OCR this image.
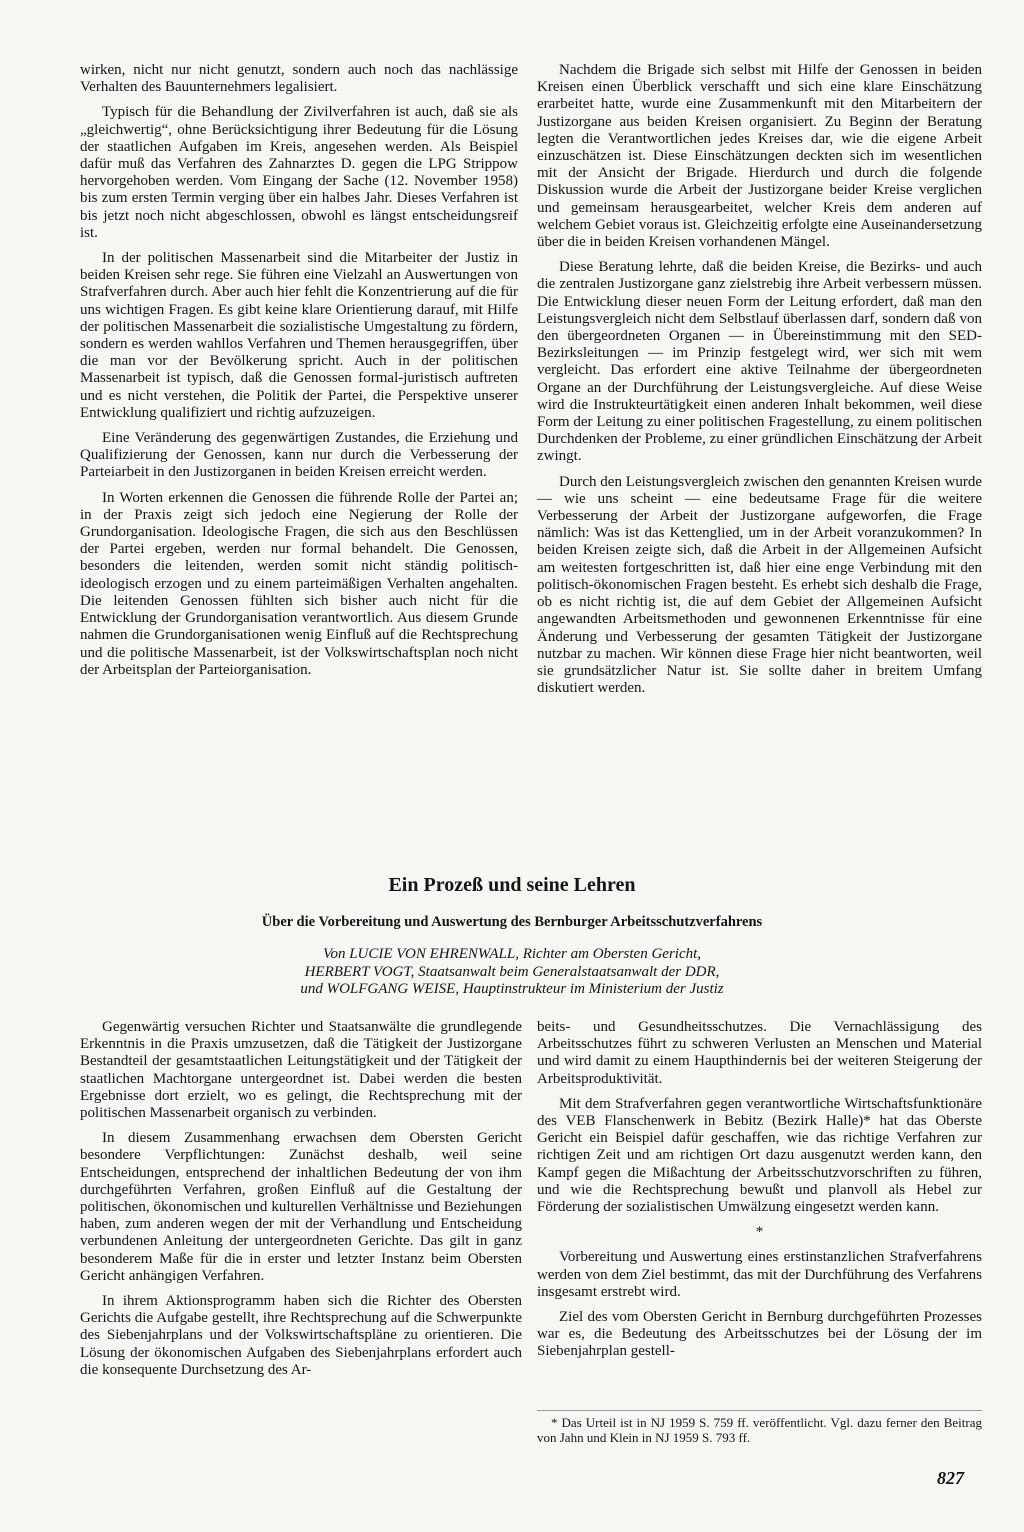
wirken, nicht nur nicht genutzt, sondern auch noch das nachlässige Verhalten des Bauunternehmers legalisiert.

Typisch für die Behandlung der Zivilverfahren ist auch, daß sie als „gleichwertig“, ohne Berücksichtigung ihrer Bedeutung für die Lösung der staatlichen Aufgaben im Kreis, angesehen werden. Als Beispiel dafür muß das Verfahren des Zahnarztes D. gegen die LPG Strippow hervorgehoben werden. Vom Eingang der Sache (12. November 1958) bis zum ersten Termin verging über ein halbes Jahr. Dieses Verfahren ist bis jetzt noch nicht abgeschlossen, obwohl es längst entscheidungsreif ist.

In der politischen Massenarbeit sind die Mitarbeiter der Justiz in beiden Kreisen sehr rege. Sie führen eine Vielzahl an Auswertungen von Strafverfahren durch. Aber auch hier fehlt die Konzentrierung auf die für uns wichtigen Fragen. Es gibt keine klare Orientierung darauf, mit Hilfe der politischen Massenarbeit die sozialistische Umgestaltung zu fördern, sondern es werden wahllos Verfahren und Themen herausgegriffen, über die man vor der Bevölkerung spricht. Auch in der politischen Massenarbeit ist typisch, daß die Genossen formal-juristisch auftreten und es nicht verstehen, die Politik der Partei, die Perspektive unserer Entwicklung qualifiziert und richtig aufzuzeigen.

Eine Veränderung des gegenwärtigen Zustandes, die Erziehung und Qualifizierung der Genossen, kann nur durch die Verbesserung der Parteiarbeit in den Justizorganen in beiden Kreisen erreicht werden.

In Worten erkennen die Genossen die führende Rolle der Partei an; in der Praxis zeigt sich jedoch eine Negierung der Rolle der Grundorganisation. Ideologische Fragen, die sich aus den Beschlüssen der Partei ergeben, werden nur formal behandelt. Die Genossen, besonders die leitenden, werden somit nicht ständig politisch-ideologisch erzogen und zu einem parteimäßigen Verhalten angehalten. Die leitenden Genossen fühlten sich bisher auch nicht für die Entwicklung der Grundorganisation verantwortlich. Aus diesem Grunde nahmen die Grundorganisationen wenig Einfluß auf die Rechtsprechung und die politische Massenarbeit, ist der Volkswirtschaftsplan noch nicht der Arbeitsplan der Parteiorganisation.

Nachdem die Brigade sich selbst mit Hilfe der Genossen in beiden Kreisen einen Überblick verschafft und sich eine klare Einschätzung erarbeitet hatte, wurde eine Zusammenkunft mit den Mitarbeitern der Justizorgane aus beiden Kreisen organisiert. Zu Beginn der Beratung legten die Verantwortlichen jedes Kreises dar, wie die eigene Arbeit einzuschätzen ist. Diese Einschätzungen deckten sich im wesentlichen mit der Ansicht der Brigade. Hierdurch und durch die folgende Diskussion wurde die Arbeit der Justizorgane beider Kreise verglichen und gemeinsam herausgearbeitet, welcher Kreis dem anderen auf welchem Gebiet voraus ist. Gleichzeitig erfolgte eine Auseinandersetzung über die in beiden Kreisen vorhandenen Mängel.

Diese Beratung lehrte, daß die beiden Kreise, die Bezirks- und auch die zentralen Justizorgane ganz zielstrebig ihre Arbeit verbessern müssen. Die Entwicklung dieser neuen Form der Leitung erfordert, daß man den Leistungsvergleich nicht dem Selbstlauf überlassen darf, sondern daß von den übergeordneten Organen — in Übereinstimmung mit den SED-Bezirksleitungen — im Prinzip festgelegt wird, wer sich mit wem vergleicht. Das erfordert eine aktive Teilnahme der übergeordneten Organe an der Durchführung der Leistungsvergleiche. Auf diese Weise wird die Instrukteurtätigkeit einen anderen Inhalt bekommen, weil diese Form der Leitung zu einer politischen Fragestellung, zu einem politischen Durchdenken der Probleme, zu einer gründlichen Einschätzung der Arbeit zwingt.

Durch den Leistungsvergleich zwischen den genannten Kreisen wurde — wie uns scheint — eine bedeutsame Frage für die weitere Verbesserung der Arbeit der Justizorgane aufgeworfen, die Frage nämlich: Was ist das Kettenglied, um in der Arbeit voranzukommen? In beiden Kreisen zeigte sich, daß die Arbeit in der Allgemeinen Aufsicht am weitesten fortgeschritten ist, daß hier eine enge Verbindung mit den politisch-ökonomischen Fragen besteht. Es erhebt sich deshalb die Frage, ob es nicht richtig ist, die auf dem Gebiet der Allgemeinen Aufsicht angewandten Arbeitsmethoden und gewonnenen Erkenntnisse für eine Änderung und Verbesserung der gesamten Tätigkeit der Justizorgane nutzbar zu machen. Wir können diese Frage hier nicht beantworten, weil sie grundsätzlicher Natur ist. Sie sollte daher in breitem Umfang diskutiert werden.

Ein Prozeß und seine Lehren
Über die Vorbereitung und Auswertung des Bernburger Arbeitsschutzverfahrens
Von LUCIE VON EHRENWALL, Richter am Obersten Gericht,
HERBERT VOGT, Staatsanwalt beim Generalstaatsanwalt der DDR,
und WOLFGANG WEISE, Hauptinstrukteur im Ministerium der Justiz

Gegenwärtig versuchen Richter und Staatsanwälte die grundlegende Erkenntnis in die Praxis umzusetzen, daß die Tätigkeit der Justizorgane Bestandteil der gesamtstaatlichen Leitungstätigkeit und der Tätigkeit der staatlichen Machtorgane untergeordnet ist. Dabei werden die besten Ergebnisse dort erzielt, wo es gelingt, die Rechtsprechung mit der politischen Massenarbeit organisch zu verbinden.

In diesem Zusammenhang erwachsen dem Obersten Gericht besondere Verpflichtungen: Zunächst deshalb, weil seine Entscheidungen, entsprechend der inhaltlichen Bedeutung der von ihm durchgeführten Verfahren, großen Einfluß auf die Gestaltung der politischen, ökonomischen und kulturellen Verhältnisse und Beziehungen haben, zum anderen wegen der mit der Verhandlung und Entscheidung verbundenen Anleitung der untergeordneten Gerichte. Das gilt in ganz besonderem Maße für die in erster und letzter Instanz beim Obersten Gericht anhängigen Verfahren.

In ihrem Aktionsprogramm haben sich die Richter des Obersten Gerichts die Aufgabe gestellt, ihre Rechtsprechung auf die Schwerpunkte des Siebenjahrplans und der Volkswirtschaftspläne zu orientieren. Die Lösung der ökonomischen Aufgaben des Siebenjahrplans erfordert auch die konsequente Durchsetzung des Ar-

beits- und Gesundheitsschutzes. Die Vernachlässigung des Arbeitsschutzes führt zu schweren Verlusten an Menschen und Material und wird damit zu einem Haupthindernis bei der weiteren Steigerung der Arbeitsproduktivität.

Mit dem Strafverfahren gegen verantwortliche Wirtschaftsfunktionäre des VEB Flanschenwerk in Bebitz (Bezirk Halle)* hat das Oberste Gericht ein Beispiel dafür geschaffen, wie das richtige Verfahren zur richtigen Zeit und am richtigen Ort dazu ausgenutzt werden kann, den Kampf gegen die Mißachtung der Arbeitsschutzvorschriften zu führen, und wie die Rechtsprechung bewußt und planvoll als Hebel zur Förderung der sozialistischen Umwälzung eingesetzt werden kann.

*

Vorbereitung und Auswertung eines erstinstanzlichen Strafverfahrens werden von dem Ziel bestimmt, das mit der Durchführung des Verfahrens insgesamt erstrebt wird.

Ziel des vom Obersten Gericht in Bernburg durchgeführten Prozesses war es, die Bedeutung des Arbeitsschutzes bei der Lösung der im Siebenjahrplan gestell-

* Das Urteil ist in NJ 1959 S. 759 ff. veröffentlicht. Vgl. dazu ferner den Beitrag von Jahn und Klein in NJ 1959 S. 793 ff.

827
